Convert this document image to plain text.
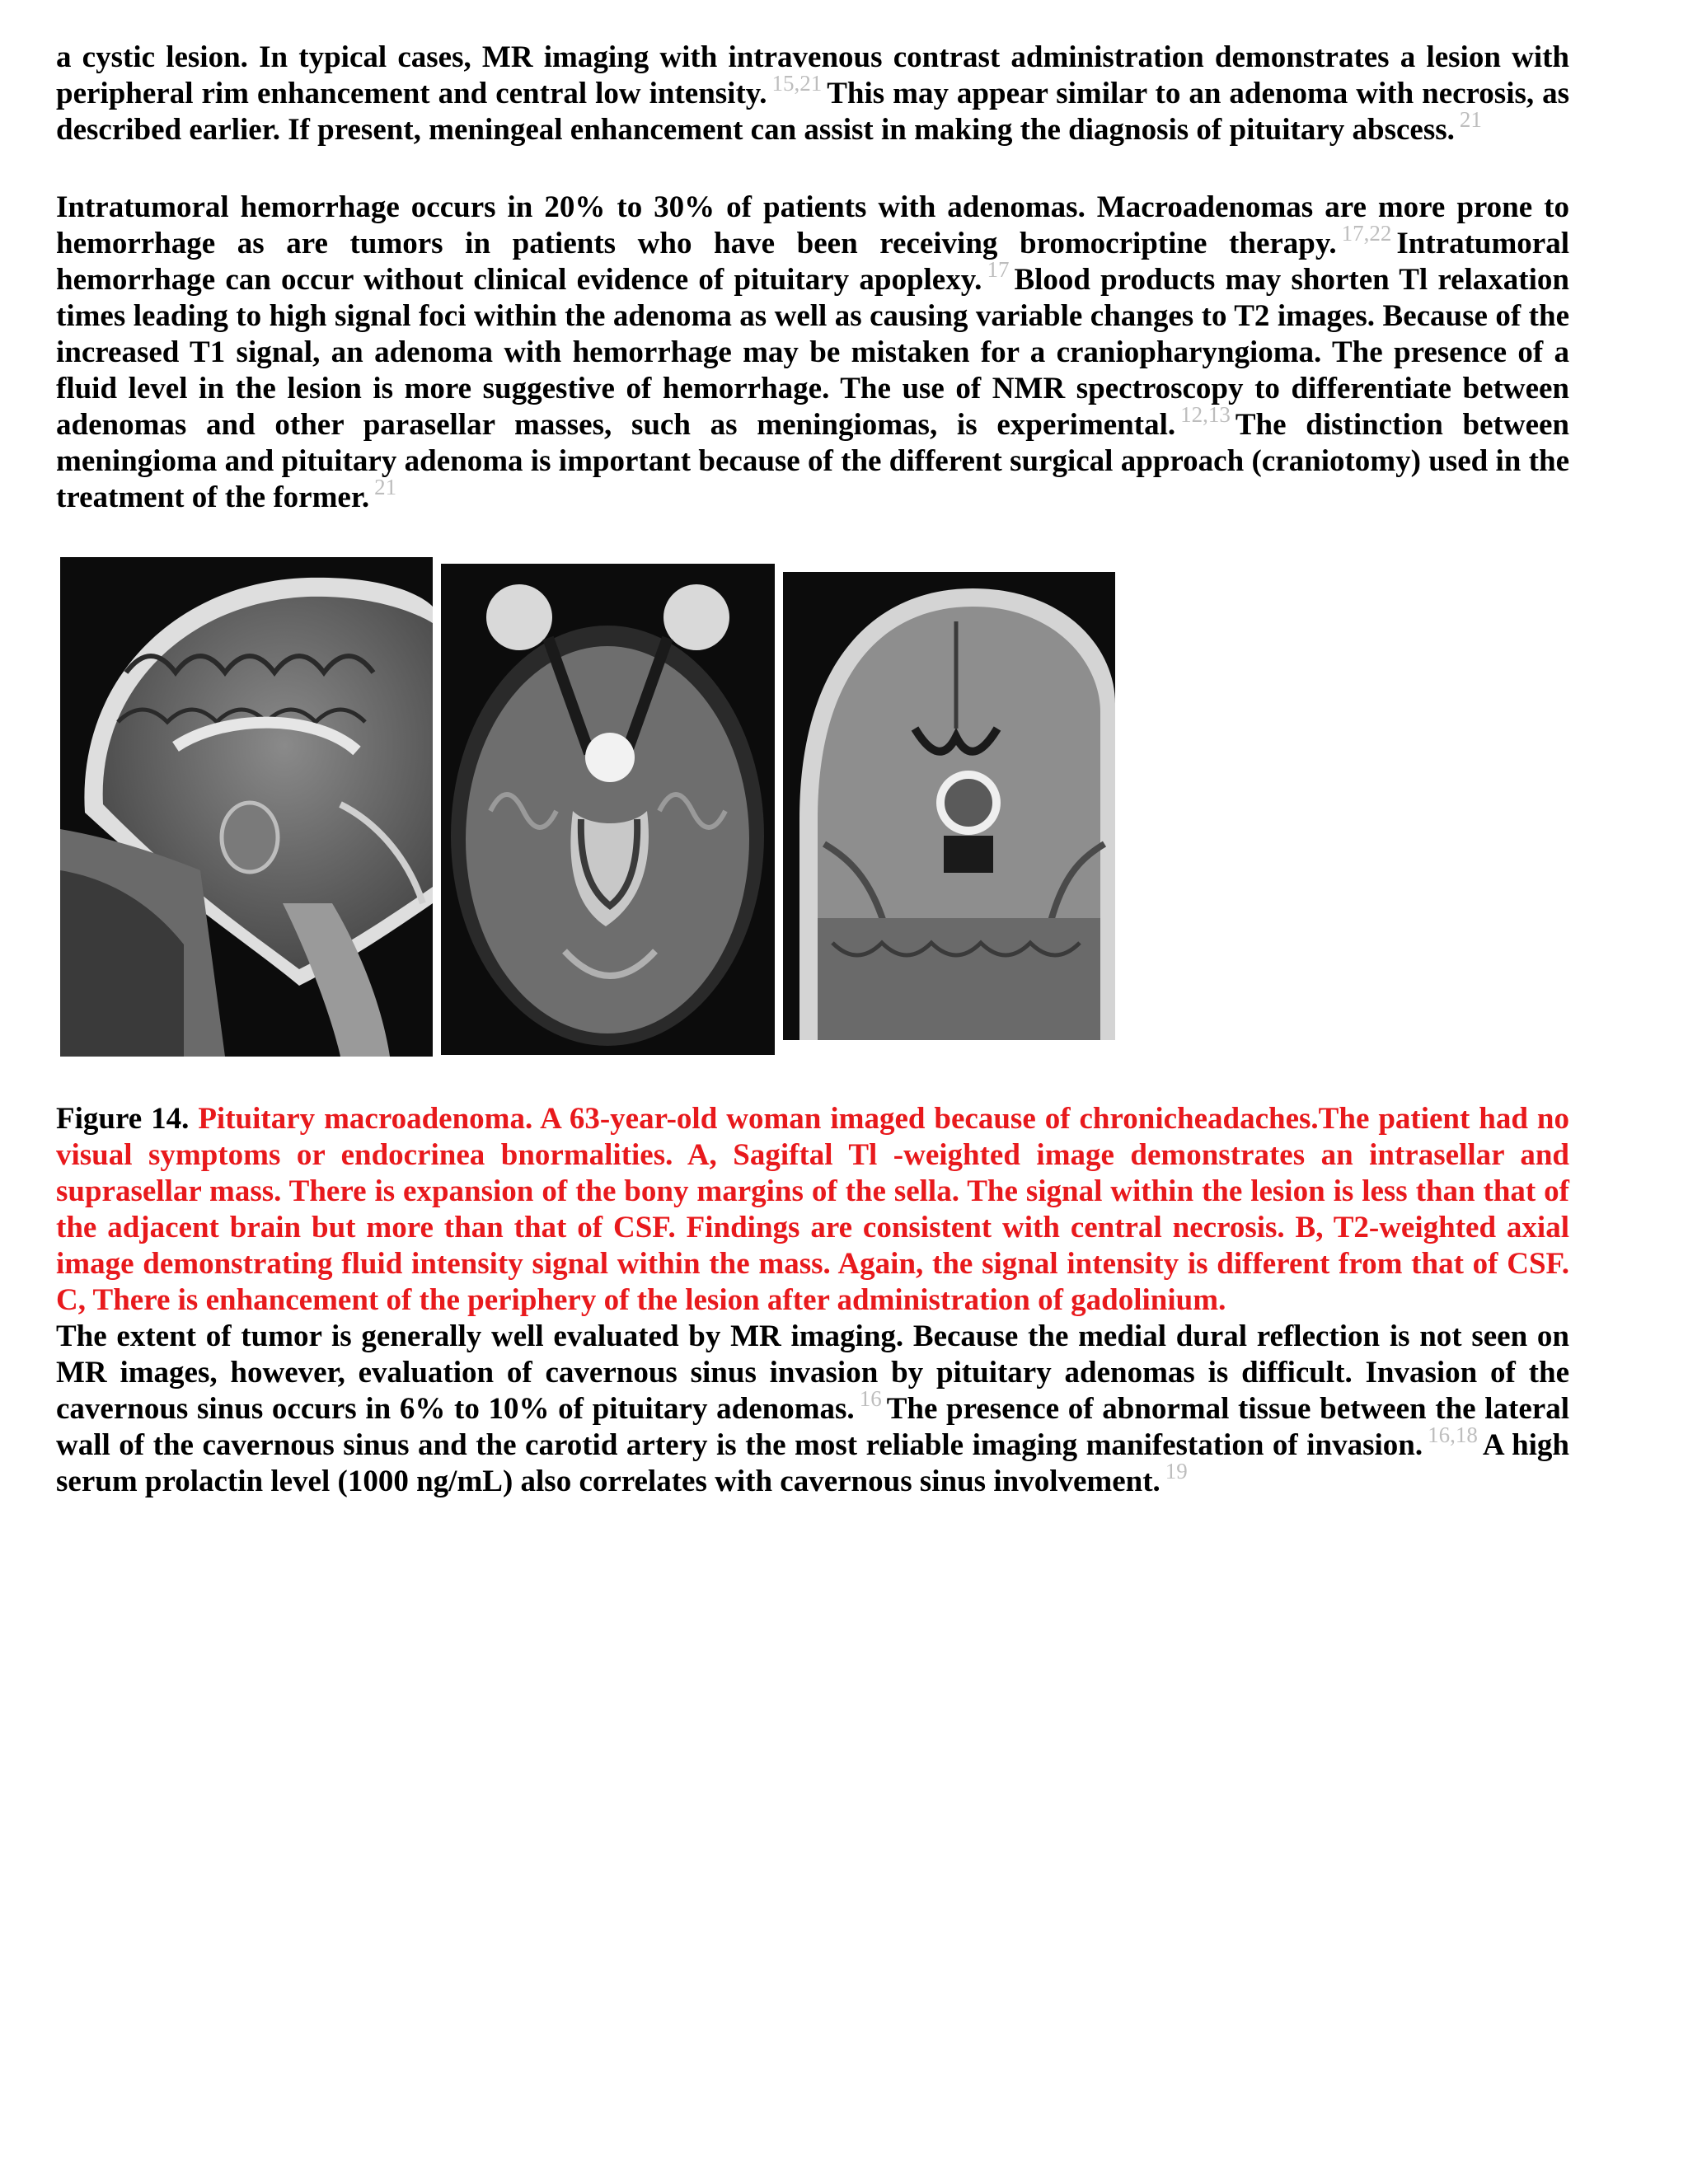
a cystic lesion. In typical cases, MR imaging with intravenous contrast administration demonstrates a lesion with peripheral rim enhancement and central low intensity. $^{15,21}$ This may appear similar to an adenoma with necrosis, as described earlier. If present, meningeal enhancement can assist in making the diagnosis of pituitary abscess. $^{21}$

Intratumoral hemorrhage occurs in 20% to 30% of patients with adenomas. Macroadenomas are more prone to hemorrhage as are tumors in patients who have been receiving bromocriptine therapy. $^{17,22}$ Intratumoral hemorrhage can occur without clinical evidence of pituitary apoplexy. $^{17}$ Blood products may shorten Tl relaxation times leading to high signal foci within the adenoma as well as causing variable changes to T2 images. Because of the increased T1 signal, an adenoma with hemorrhage may be mistaken for a craniopharyngioma. The presence of a fluid level in the lesion is more suggestive of hemorrhage. The use of NMR spectroscopy to differentiate between adenomas and other parasellar masses, such as meningiomas, is experimental. $^{12,13}$ The distinction between meningioma and pituitary adenoma is important because of the different surgical approach (craniotomy) used in the treatment of the former. $^{21}$

Figure 14. Pituitary macroadenoma. A 63-year-old woman imaged because of chronicheadaches.The patient had no visual symptoms or endocrinea bnormalities. A, Sagiftal Tl -weighted image demonstrates an intrasellar and suprasellar mass. There is expansion of the bony margins of the sella. The signal within the lesion is less than that of the adjacent brain but more than that of CSF. Findings are consistent with central necrosis. B, T2-weighted axial image demonstrating fluid intensity signal within the mass. Again, the signal intensity is different from that of CSF. C, There is enhancement of the periphery of the lesion after administration of gadolinium.

The extent of tumor is generally well evaluated by MR imaging. Because the medial dural reflection is not seen on MR images, however, evaluation of cavernous sinus invasion by pituitary adenomas is difficult. Invasion of the cavernous sinus occurs in 6% to 10% of pituitary adenomas. $^{16}$ The presence of abnormal tissue between the lateral wall of the cavernous sinus and the carotid artery is the most reliable imaging manifestation of invasion. $^{16,18}$ A high serum prolactin level (1000 ng/mL) also correlates with cavernous sinus involvement. $^{19}$
